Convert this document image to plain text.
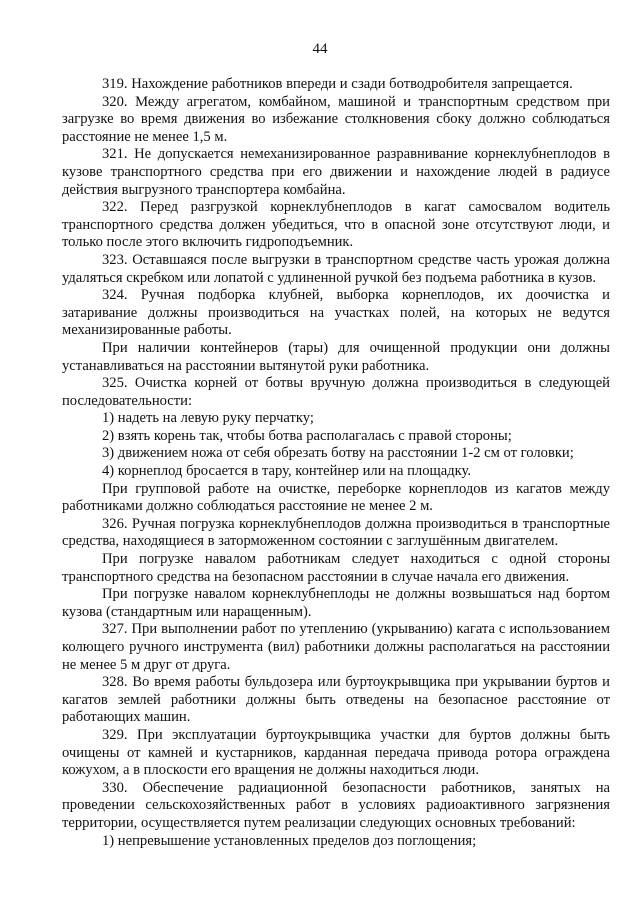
44

319. Нахождение работников впереди и сзади ботводробителя запрещается.

320. Между агрегатом, комбайном, машиной и транспортным средством при загрузке во время движения во избежание столкновения сбоку должно соблюдаться расстояние не менее 1,5 м.

321. Не допускается немеханизированное разравнивание корнеклубнеплодов в кузове транспортного средства при его движении и нахождение людей в радиусе действия выгрузного транспортера комбайна.

322. Перед разгрузкой корнеклубнеплодов в кагат самосвалом водитель транспортного средства должен убедиться, что в опасной зоне отсутствуют люди, и только после этого включить гидроподъемник.

323. Оставшаяся после выгрузки в транспортном средстве часть урожая должна удаляться скребком или лопатой с удлиненной ручкой без подъема работника в кузов.

324. Ручная подборка клубней, выборка корнеплодов, их доочистка и затаривание должны производиться на участках полей, на которых не ведутся механизированные работы.

При наличии контейнеров (тары) для очищенной продукции они должны устанавливаться на расстоянии вытянутой руки работника.

325. Очистка корней от ботвы вручную должна производиться в следующей последовательности:

1) надеть на левую руку перчатку;

2) взять корень так, чтобы ботва располагалась с правой стороны;

3) движением ножа от себя обрезать ботву на расстоянии 1-2 см от головки;

4) корнеплод бросается в тару, контейнер или на площадку.

При групповой работе на очистке, переборке корнеплодов из кагатов между работниками должно соблюдаться расстояние не менее 2 м.

326. Ручная погрузка корнеклубнеплодов должна производиться в транспортные средства, находящиеся в заторможенном состоянии с заглушённым двигателем.

При погрузке навалом работникам следует находиться с одной стороны транспортного средства на безопасном расстоянии в случае начала его движения.

При погрузке навалом корнеклубнеплоды не должны возвышаться над бортом кузова (стандартным или наращенным).

327. При выполнении работ по утеплению (укрыванию) кагата с использованием колющего ручного инструмента (вил) работники должны располагаться на расстоянии не менее 5 м друг от друга.

328. Во время работы бульдозера или буртоукрывщика при укрывании буртов и кагатов землей работники должны быть отведены на безопасное расстояние от работающих машин.

329. При эксплуатации буртоукрывщика участки для буртов должны быть очищены от камней и кустарников, карданная передача привода ротора ограждена кожухом, а в плоскости его вращения не должны находиться люди.

330. Обеспечение радиационной безопасности работников, занятых на проведении сельскохозяйственных работ в условиях радиоактивного загрязнения территории, осуществляется путем реализации следующих основных требований:

1) непревышение установленных пределов доз поглощения;
